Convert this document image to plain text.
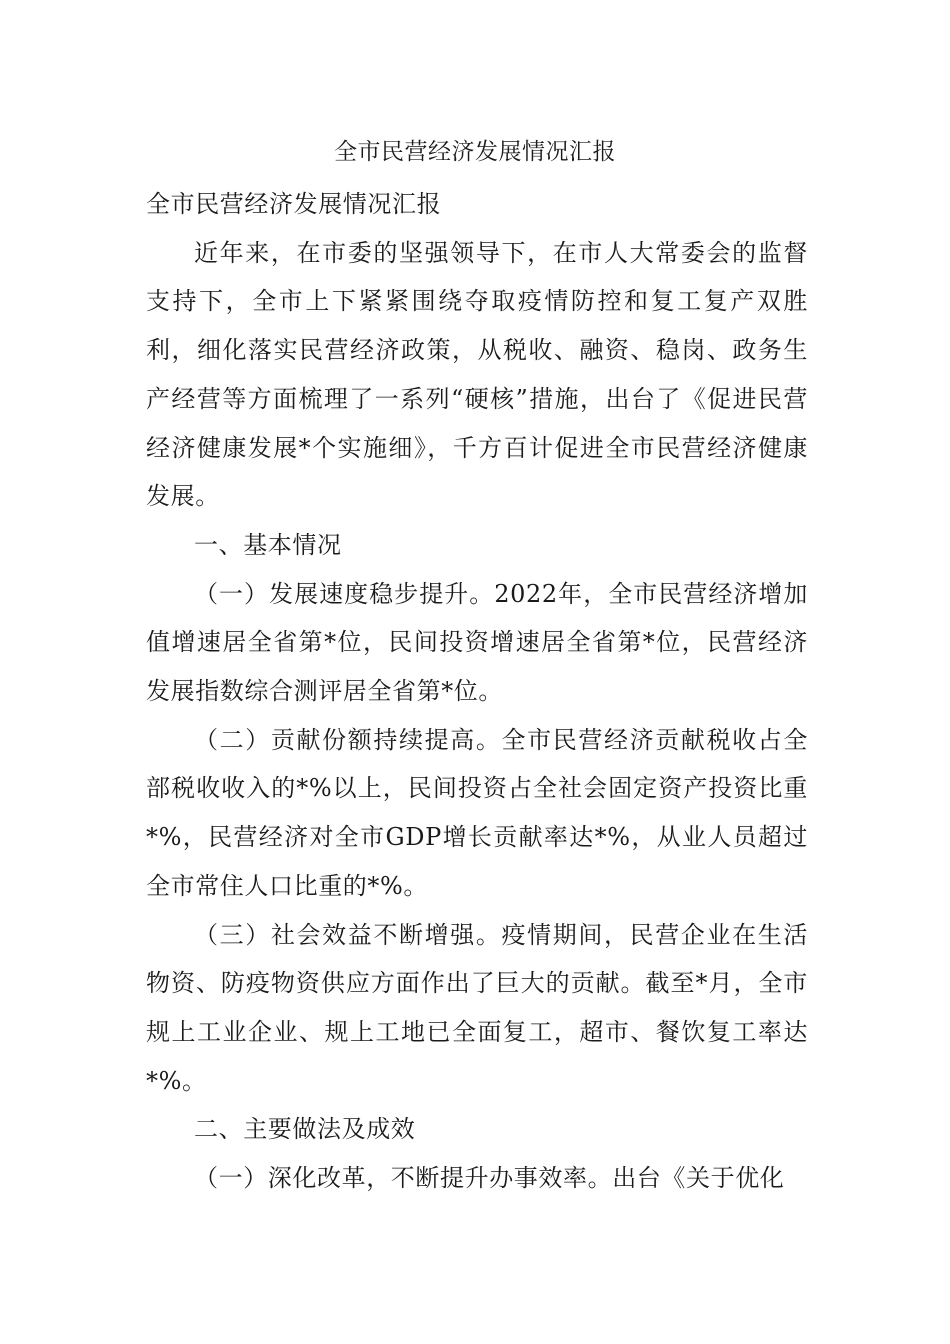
全市民营经济发展情况汇报

全市民营经济发展情况汇报

近年来，在市委的坚强领导下，在市人大常委会的监督支持下，全市上下紧紧围绕夺取疫情防控和复工复产双胜利，细化落实民营经济政策，从税收、融资、稳岗、政务生产经营等方面梳理了一系列“硬核”措施，出台了《促进民营经济健康发展*个实施细》，千方百计促进全市民营经济健康发展。

一、基本情况

（一）发展速度稳步提升。2022年，全市民营经济增加值增速居全省第*位，民间投资增速居全省第*位，民营经济发展指数综合测评居全省第*位。

（二）贡献份额持续提高。全市民营经济贡献税收占全部税收收入的*%以上，民间投资占全社会固定资产投资比重*%，民营经济对全市GDP增长贡献率达*%，从业人员超过全市常住人口比重的*%。

（三）社会效益不断增强。疫情期间，民营企业在生活物资、防疫物资供应方面作出了巨大的贡献。截至*月，全市规上工业企业、规上工地已全面复工，超市、餐饮复工率达*%。

二、主要做法及成效

（一）深化改革，不断提升办事效率。出台《关于优化
